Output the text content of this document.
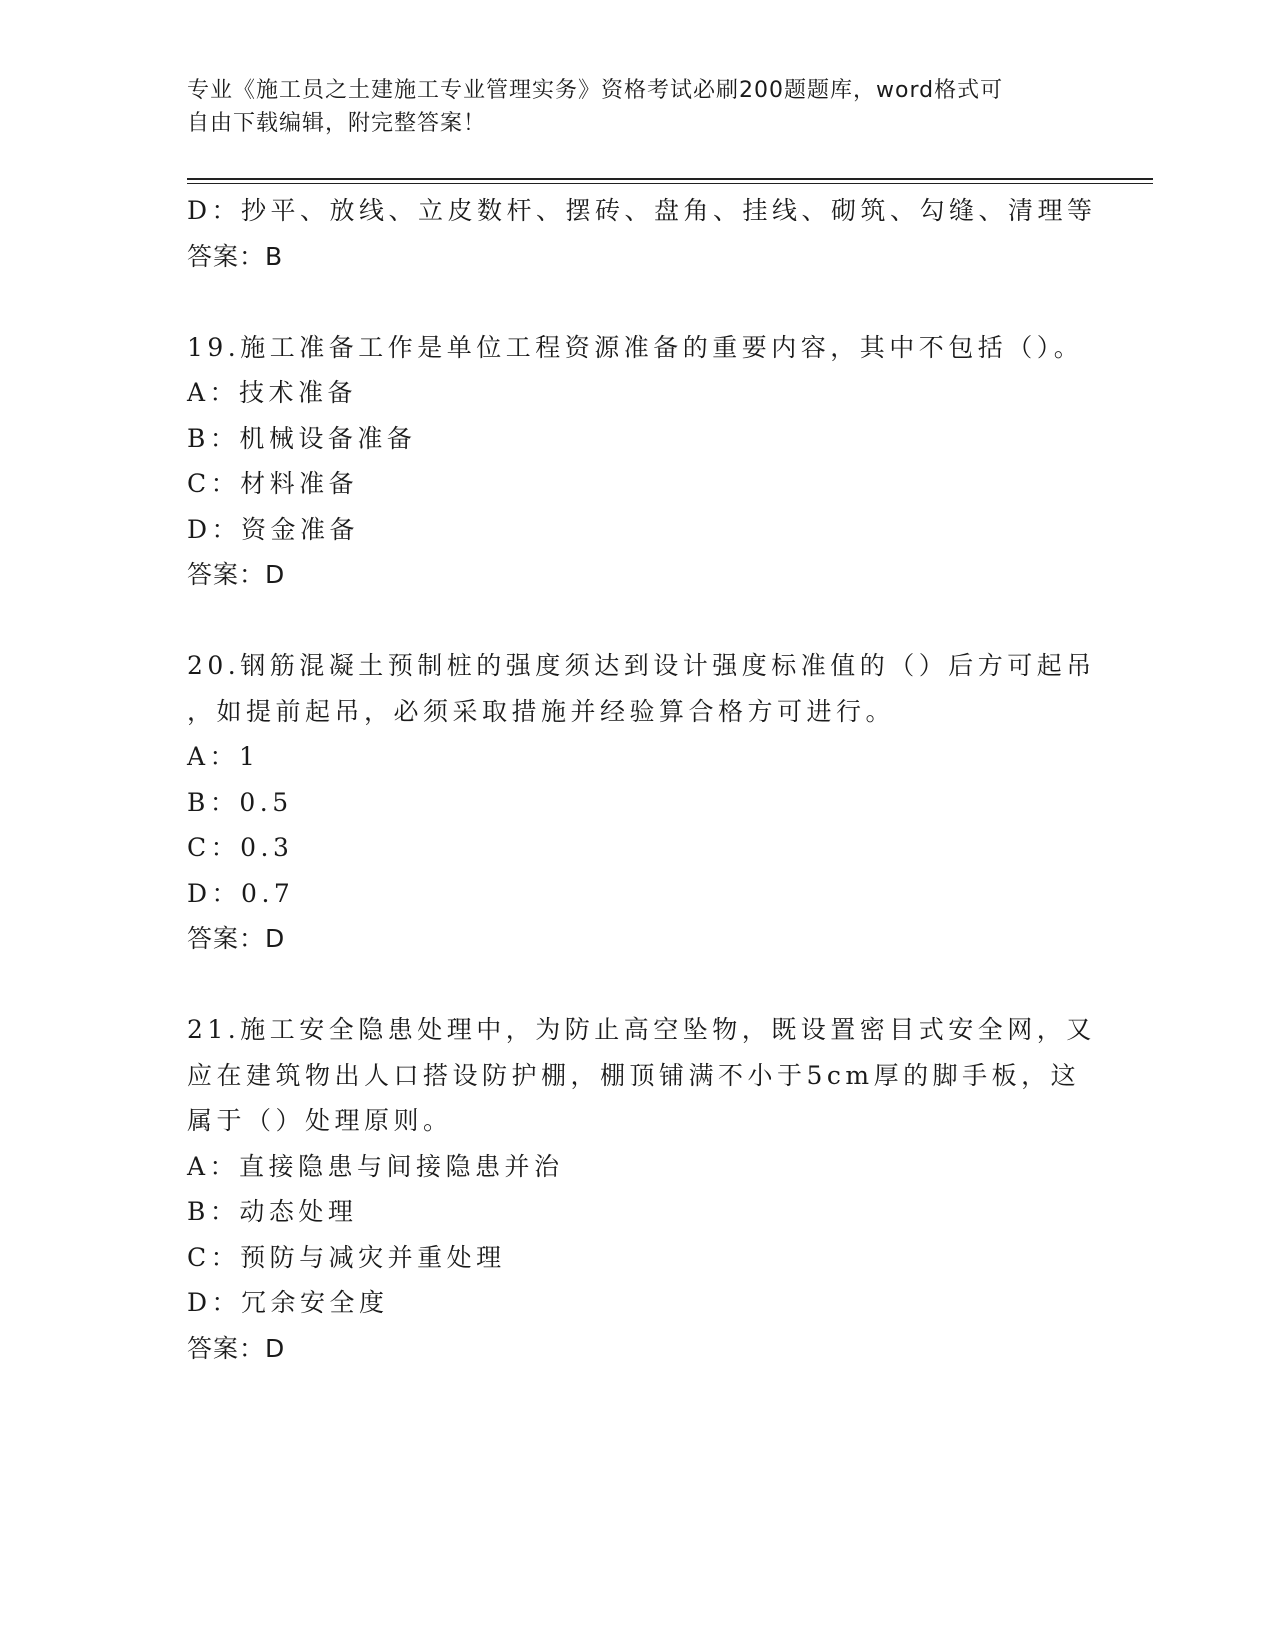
专业《施工员之土建施工专业管理实务》资格考试必刷200题题库，word格式可
自由下载编辑，附完整答案！
D：抄平、放线、立皮数杆、摆砖、盘角、挂线、砌筑、勾缝、清理等
答案：B
19.施工准备工作是单位工程资源准备的重要内容，其中不包括（）。
A：技术准备
B：机械设备准备
C：材料准备
D：资金准备
答案：D
20.钢筋混凝土预制桩的强度须达到设计强度标准值的（）后方可起吊
，如提前起吊，必须采取措施并经验算合格方可进行。
A：1
B：0.5
C：0.3
D：0.7
答案：D
21.施工安全隐患处理中，为防止高空坠物，既设置密目式安全网，又
应在建筑物出人口搭设防护棚，棚顶铺满不小于5cm厚的脚手板，这
属于（）处理原则。
A：直接隐患与间接隐患并治
B：动态处理
C：预防与减灾并重处理
D：冗余安全度
答案：D
